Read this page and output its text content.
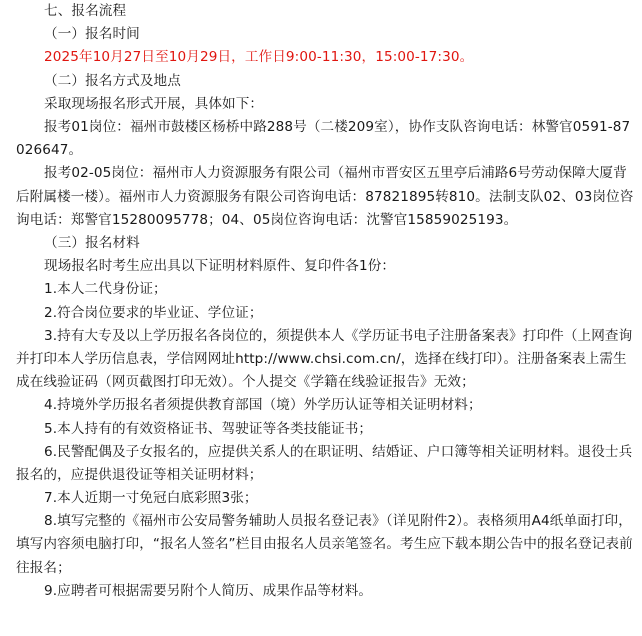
七、报名流程
（一）报名时间
2025年10月27日至10月29日，工作日9:00-11:30，15:00-17:30。
（二）报名方式及地点
采取现场报名形式开展，具体如下：
报考01岗位：福州市鼓楼区杨桥中路288号（二楼209室），协作支队咨询电话：林警官0591-87026647。
报考02-05岗位：福州市人力资源服务有限公司（福州市晋安区五里亭后浦路6号劳动保障大厦背后附属楼一楼）。福州市人力资源服务有限公司咨询电话：87821895转810。法制支队02、03岗位咨询电话：郑警官15280095778；04、05岗位咨询电话：沈警官15859025193。
（三）报名材料
现场报名时考生应出具以下证明材料原件、复印件各1份：
1.本人二代身份证；
2.符合岗位要求的毕业证、学位证；
3.持有大专及以上学历报名各岗位的，须提供本人《学历证书电子注册备案表》打印件（上网查询并打印本人学历信息表，学信网网址http://www.chsi.com.cn/，选择在线打印）。注册备案表上需生成在线验证码（网页截图打印无效）。个人提交《学籍在线验证报告》无效；
4.持境外学历报名者须提供教育部国（境）外学历认证等相关证明材料；
5.本人持有的有效资格证书、驾驶证等各类技能证书；
6.民警配偶及子女报名的，应提供关系人的在职证明、结婚证、户口簿等相关证明材料。退役士兵报名的，应提供退役证等相关证明材料；
7.本人近期一寸免冠白底彩照3张；
8.填写完整的《福州市公安局警务辅助人员报名登记表》（详见附件2）。表格须用A4纸单面打印，填写内容须电脑打印，“报名人签名”栏目由报名人员亲笔签名。考生应下载本期公告中的报名登记表前往报名；
9.应聘者可根据需要另附个人简历、成果作品等材料。
